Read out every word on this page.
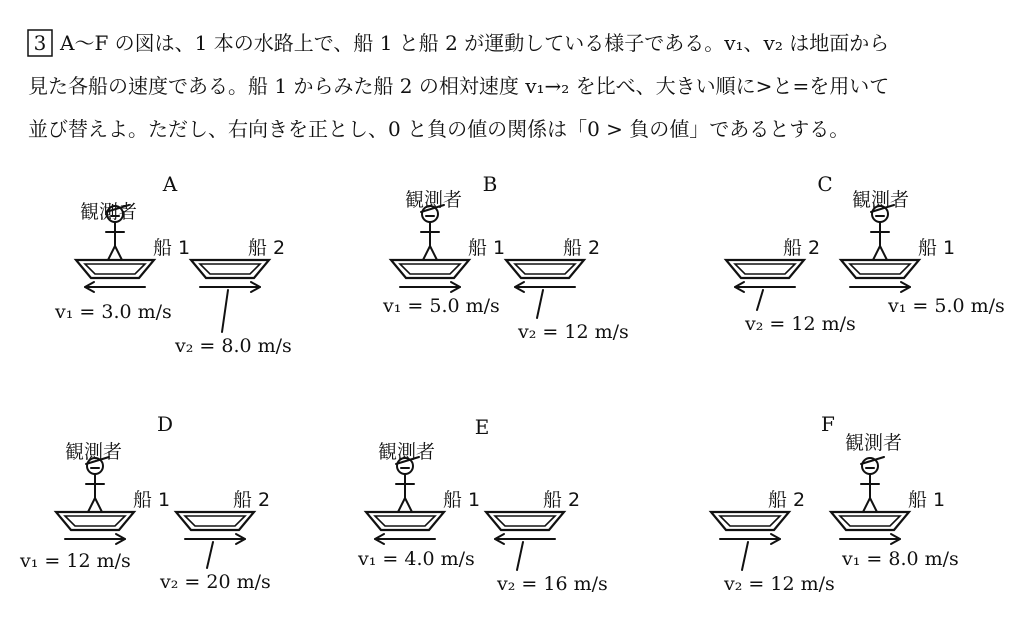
3 A〜F の図は、1 本の水路上で、船 1 と船 2 が運動している様子である。v₁、v₂ は地面から
見た各船の速度である。船 1 からみた船 2 の相対速度 v₁→₂ を比べ、大きい順に>と=を用いて
並び替えよ。ただし、右向きを正とし、0 と負の値の関係は「0 > 負の値」であるとする。
A
船 1	船 2
観測者
v₁ = 3.0 m/s
v₂ = 8.0 m/s
B
船 1	船 2
観測者
v₁ = 5.0 m/s
v₂ = 12 m/s
C
船 1
船 2
観測者
v₁ = 5.0 m/s
v₂ = 12 m/s
D
船 1	船 2
観測者
v₁ = 12 m/s
v₂ = 20 m/s
E
船 1	船 2
観測者
v₁ = 4.0 m/s
v₂ = 16 m/s
F
船 1
船 2
観測者
v₁ = 8.0 m/s
v₂ = 12 m/s
